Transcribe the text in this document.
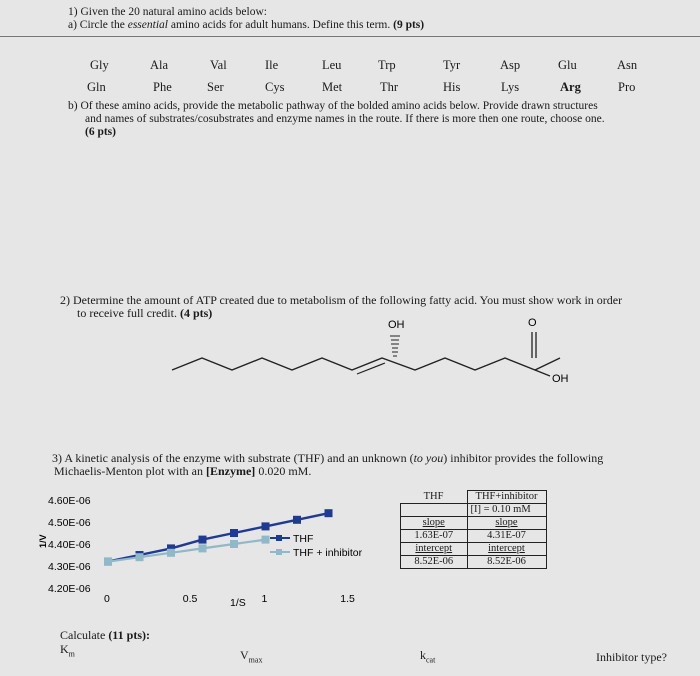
1) Given the 20 natural amino acids below:
a) Circle the essential amino acids for adult humans. Define this term. (9 pts)
Gly	Ala	Val	Ile	Leu	Trp	Tyr	Asp	Glu	Asn
Gln	Phe	Ser	Cys	Met	Thr	His	Lys	Arg	Pro
b) Of these amino acids, provide the metabolic pathway of the bolded amino acids below. Provide drawn structures
and names of substrates/cosubstrates and enzyme names in the route. If there is more then one route, choose one.
(6 pts)
2) Determine the amount of ATP created due to metabolism of the following fatty acid. You must show work in order
to receive full credit. (4 pts)
OH	O
OH
3) A kinetic analysis of the enzyme with substrate (THF) and an unknown (to you) inhibitor provides the following
Michaelis-Menton plot with an [Enzyme] 0.020 mM.
4.60E-06
4.50E-06
4.40E-06
4.30E-06
4.20E-06
1/V
0	0.5	1	1.5
1/S
THF
THF + inhibitor
THF	THF+inhibitor
	[I] = 0.10 mM
slope	slope
1.63E-07	4.31E-07
intercept	intercept
8.52E-06	8.52E-06
Calculate (11 pts):
$K_m$	$V_{max}$	$k_{cat}$	Inhibitor type?
